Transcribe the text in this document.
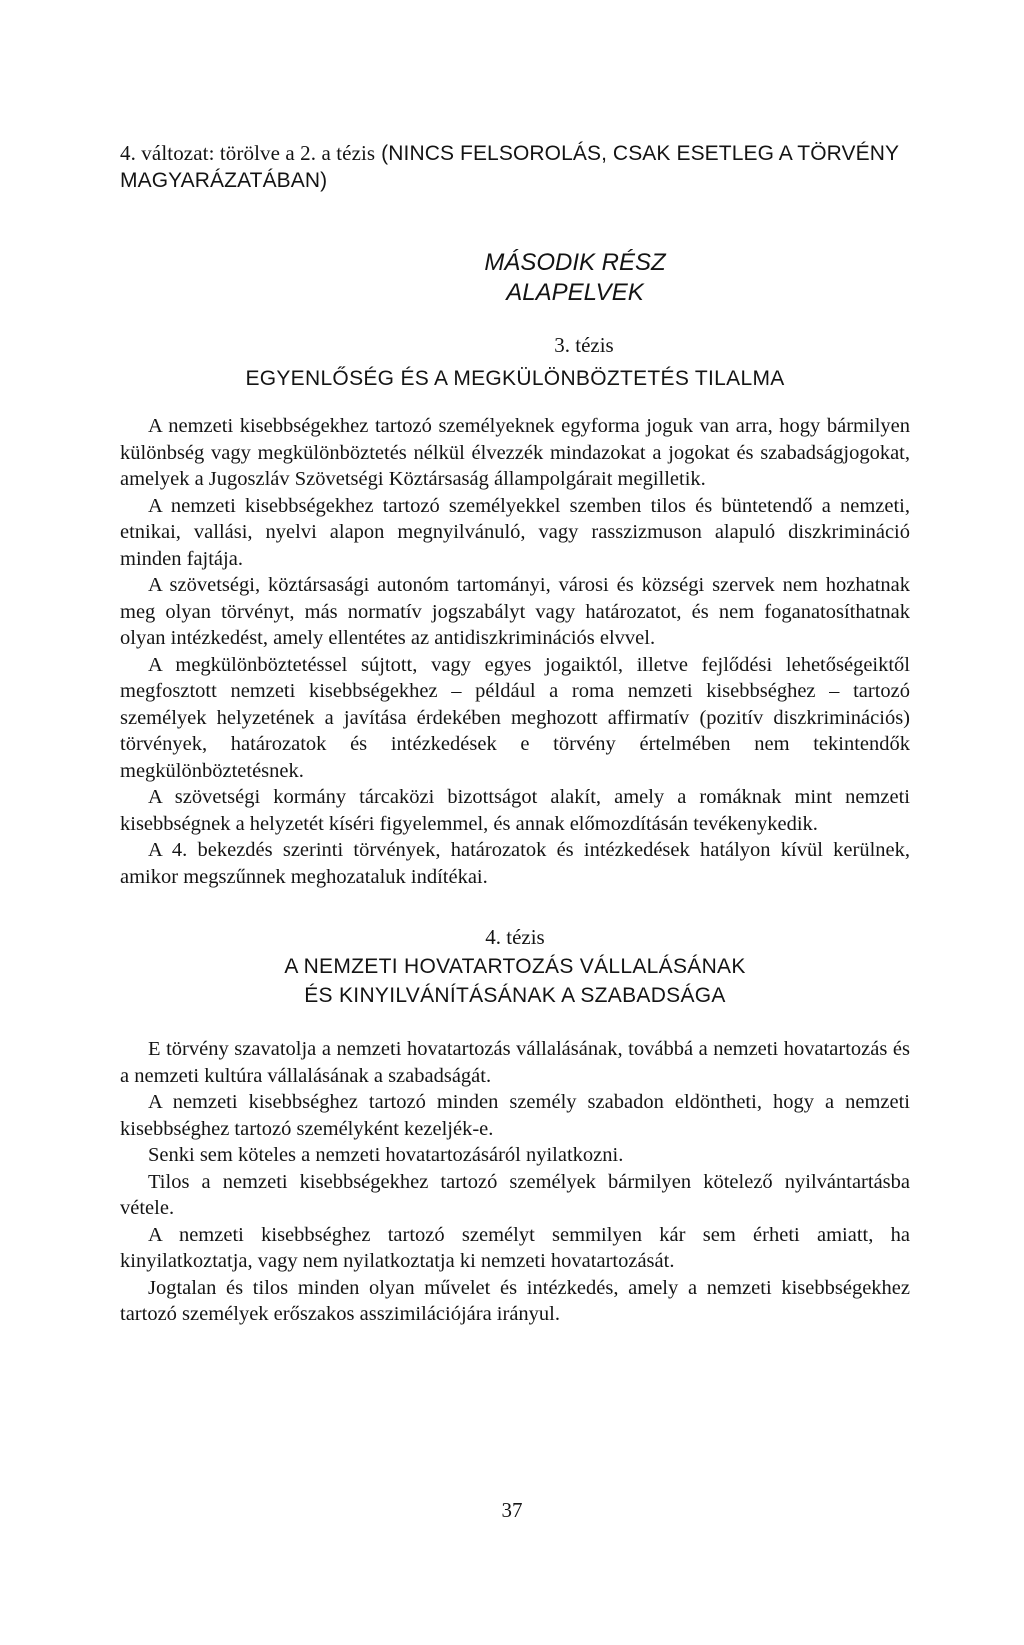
4. változat: törölve a 2. a tézis (NINCS FELSOROLÁS, CSAK ESETLEG A TÖRVÉNY MAGYARÁZATÁBAN)

MÁSODIK RÉSZ

ALAPELVEK

3. tézis

EGYENLŐSÉG ÉS A MEGKÜLÖNBÖZTETÉS TILALMA

A nemzeti kisebbségekhez tartozó személyeknek egyforma joguk van arra, hogy bármilyen különbség vagy megkülönböztetés nélkül élvezzék mindazokat a jogokat és szabadságjogokat, amelyek a Jugoszláv Szövetségi Köztársaság állampolgárait megilletik.

A nemzeti kisebbségekhez tartozó személyekkel szemben tilos és büntetendő a nemzeti, etnikai, vallási, nyelvi alapon megnyilvánuló, vagy rasszizmuson alapuló diszkrimináció minden fajtája.

A szövetségi, köztársasági autonóm tartományi, városi és községi szervek nem hozhatnak meg olyan törvényt, más normatív jogszabályt vagy határozatot, és nem foganatosíthatnak olyan intézkedést, amely ellentétes az antidiszkriminációs elvvel.

A megkülönböztetéssel sújtott, vagy egyes jogaiktól, illetve fejlődési lehetőségeiktől megfosztott nemzeti kisebbségekhez – például a roma nemzeti kisebbséghez – tartozó személyek helyzetének a javítása érdekében meghozott affirmatív (pozitív diszkriminációs) törvények, határozatok és intézkedések e törvény értelmében nem tekintendők megkülönböztetésnek.

A szövetségi kormány tárcaközi bizottságot alakít, amely a romáknak mint nemzeti kisebbségnek a helyzetét kíséri figyelemmel, és annak előmozdításán tevékenykedik.

A 4. bekezdés szerinti törvények, határozatok és intézkedések hatályon kívül kerülnek, amikor megszűnnek meghozataluk indítékai.

4. tézis

A NEMZETI HOVATARTOZÁS VÁLLALÁSÁNAK

ÉS KINYILVÁNÍTÁSÁNAK A SZABADSÁGA

E törvény szavatolja a nemzeti hovatartozás vállalásának, továbbá a nemzeti hovatartozás és a nemzeti kultúra vállalásának a szabadságát.

A nemzeti kisebbséghez tartozó minden személy szabadon eldöntheti, hogy a nemzeti kisebbséghez tartozó személyként kezeljék-e.

Senki sem köteles a nemzeti hovatartozásáról nyilatkozni.

Tilos a nemzeti kisebbségekhez tartozó személyek bármilyen kötelező nyilvántartásba vétele.

A nemzeti kisebbséghez tartozó személyt semmilyen kár sem érheti amiatt, ha kinyilatkoztatja, vagy nem nyilatkoztatja ki nemzeti hovatartozását.

Jogtalan és tilos minden olyan művelet és intézkedés, amely a nemzeti kisebbségekhez tartozó személyek erőszakos asszimilációjára irányul.

37
